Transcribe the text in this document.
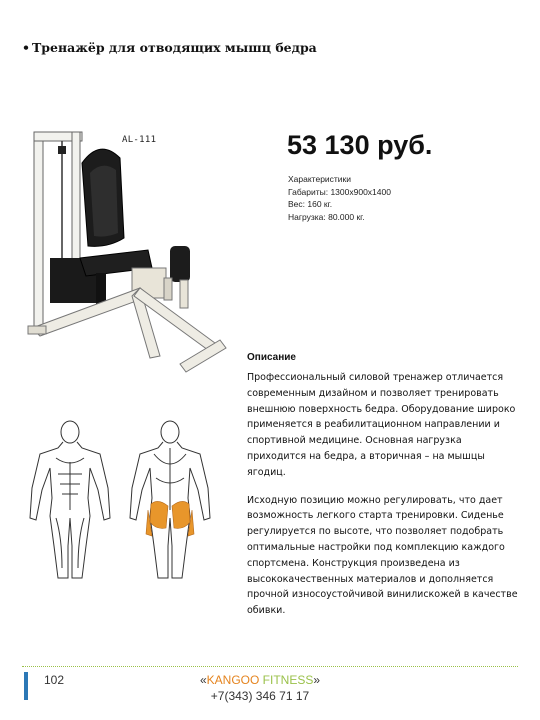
• Тренажёр для отводящих мышц бедра
AL-111	53 130 руб.
Характеристики
Габариты: 1300х900х1400
Вес: 160 кг.
Нагрузка: 80.000 кг.
Описание

Профессиональный силовой тренажер отличается современным дизайном и позволяет тренировать внешнюю поверхность бедра. Оборудование широко применяется в реабилитационном направлении и спортивной медицине. Основная нагрузка приходится на бедра, а вторичная – на мышцы ягодиц.

Исходную позицию можно регулировать, что дает возможность легкого старта тренировки. Сиденье регулируется по высоте, что позволяет подобрать оптимальные настройки под комплекцию каждого спортсмена. Конструкция произведена из высококачественных материалов и дополняется прочной износоустойчивой винилискожей в качестве обивки.

102	«KANGOO FITNESS»
+7(343) 346 71 17
